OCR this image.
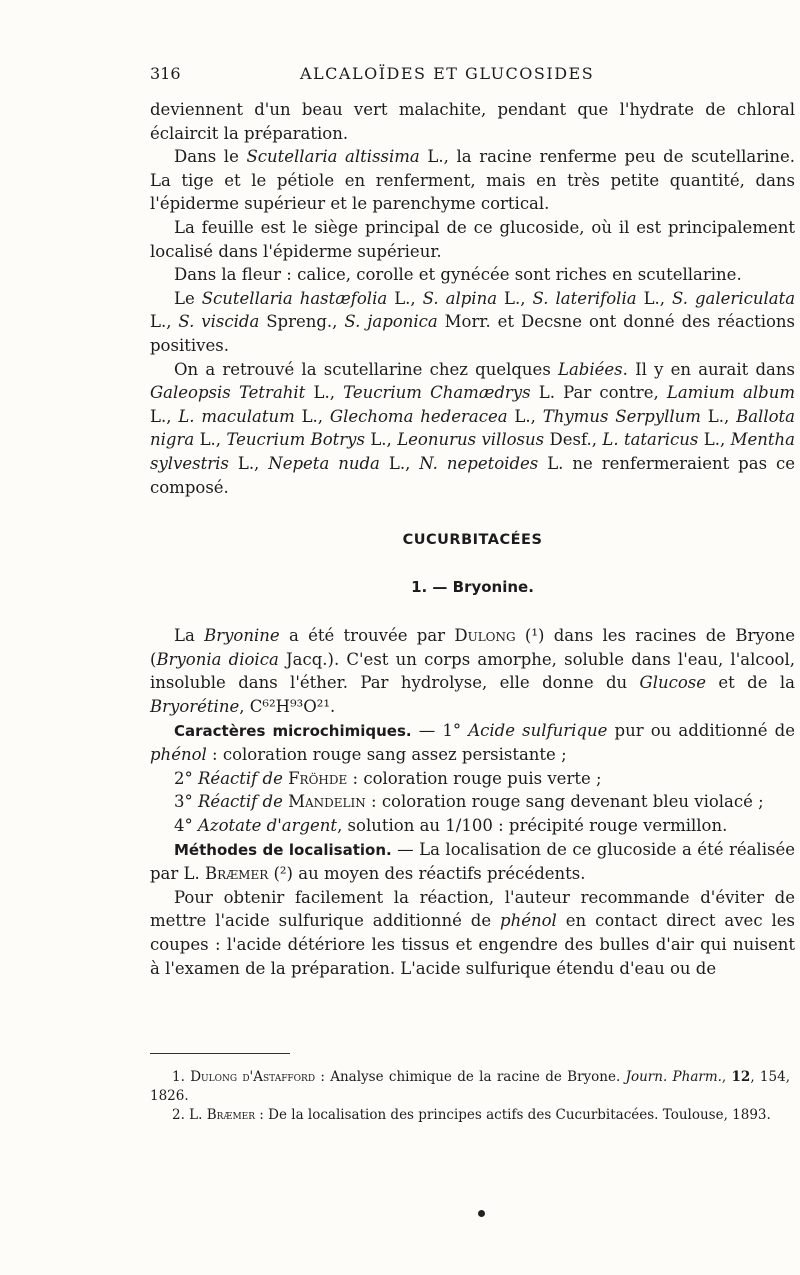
316	ALCALOÏDES ET GLUCOSIDES

deviennent d'un beau vert malachite, pendant que l'hydrate de chloral éclaircit la préparation.

Dans le Scutellaria altissima L., la racine renferme peu de scutellarine. La tige et le pétiole en renferment, mais en très petite quantité, dans l'épiderme supérieur et le parenchyme cortical.

La feuille est le siège principal de ce glucoside, où il est principalement localisé dans l'épiderme supérieur.

Dans la fleur : calice, corolle et gynécée sont riches en scutellarine.

Le Scutellaria hastæfolia L., S. alpina L., S. laterifolia L., S. galericulata L., S. viscida Spreng., S. japonica Morr. et Decsne ont donné des réactions positives.

On a retrouvé la scutellarine chez quelques Labiées. Il y en aurait dans Galeopsis Tetrahit L., Teucrium Chamædrys L. Par contre, Lamium album L., L. maculatum L., Glechoma hederacea L., Thymus Serpyllum L., Ballota nigra L., Teucrium Botrys L., Leonurus villosus Desf., L. tataricus L., Mentha sylvestris L., Nepeta nuda L., N. nepetoides L. ne renfermeraient pas ce composé.

CUCURBITACÉES
1. — Bryonine.

La Bryonine a été trouvée par Dulong (¹) dans les racines de Bryone (Bryonia dioica Jacq.). C'est un corps amorphe, soluble dans l'eau, l'alcool, insoluble dans l'éther. Par hydrolyse, elle donne du Glucose et de la Bryorétine, C⁶²H⁹³O²¹.

Caractères microchimiques. — 1° Acide sulfurique pur ou additionné de phénol : coloration rouge sang assez persistante ;

2° Réactif de Fröhde : coloration rouge puis verte ;

3° Réactif de Mandelin : coloration rouge sang devenant bleu violacé ;

4° Azotate d'argent, solution au 1/100 : précipité rouge vermillon.

Méthodes de localisation. — La localisation de ce glucoside a été réalisée par L. Bræmer (²) au moyen des réactifs précédents.

Pour obtenir facilement la réaction, l'auteur recommande d'éviter de mettre l'acide sulfurique additionné de phénol en contact direct avec les coupes : l'acide détériore les tissus et engendre des bulles d'air qui nuisent à l'examen de la préparation. L'acide sulfurique étendu d'eau ou de

1. Dulong d'Astafford : Analyse chimique de la racine de Bryone. Journ. Pharm., 12, 154, 1826.

2. L. Bræmer : De la localisation des principes actifs des Cucurbitacées. Toulouse, 1893.
